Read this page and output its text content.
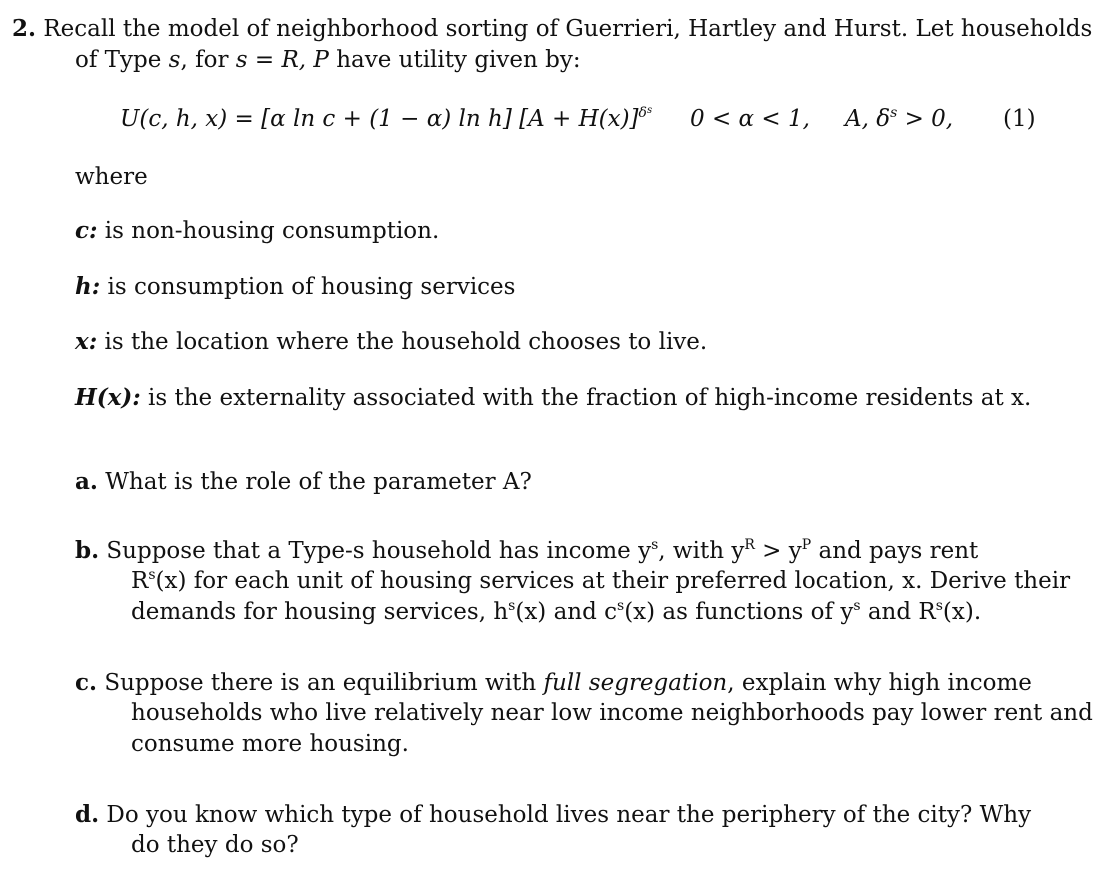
2. Recall the model of neighborhood sorting of Guerrieri, Hartley and Hurst. Let households
of Type s, for s = R, P have utility given by:
U(c, h, x) = [α ln c + (1 − α) ln h] $[A + H(x)]^{\delta^s}$ 0 < α < 1, A, $\delta^s > 0$, (1)
where
c: is non-housing consumption.
h: is consumption of housing services
x: is the location where the household chooses to live.
H(x): is the externality associated with the fraction of high-income residents at x.
a. What is the role of the parameter A?
b. Suppose that a Type-s household has income $y^s$, with $y^R > y^P$ and pays rent
$R^s(x)$ for each unit of housing services at their preferred location, x. Derive their
demands for housing services, $h^s(x)$ and $c^s(x)$ as functions of $y^s$ and $R^s(x)$.
c. Suppose there is an equilibrium with full segregation, explain why high income
households who live relatively near low income neighborhoods pay lower rent and
consume more housing.
d. Do you know which type of household lives near the periphery of the city? Why
do they do so?
